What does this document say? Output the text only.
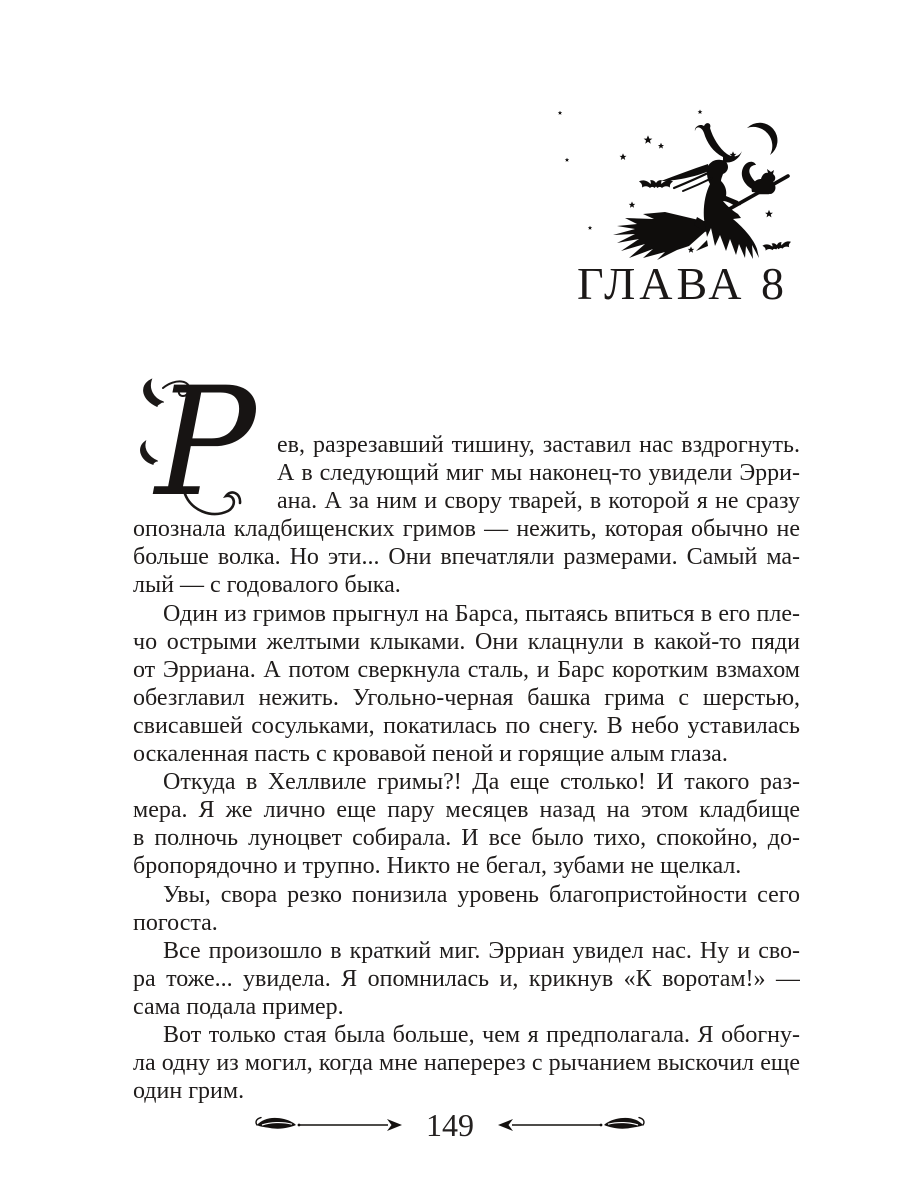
ГЛАВА 8
Р ев, разрезавший тишину, заставил нас вздрогнуть.
А в следующий миг мы наконец-то увидели Эрри-
ана. А за ним и свору тварей, в которой я не сразу
опознала кладбищенских гримов — нежить, которая обычно не
больше волка. Но эти... Они впечатляли размерами. Самый ма-
лый — с годовалого быка.
Один из гримов прыгнул на Барса, пытаясь впиться в его пле-
чо острыми желтыми клыками. Они клацнули в какой-то пяди
от Эрриана. А потом сверкнула сталь, и Барс коротким взмахом
обезглавил нежить. Угольно-черная башка грима с шерстью,
свисавшей сосульками, покатилась по снегу. В небо уставилась
оскаленная пасть с кровавой пеной и горящие алым глаза.
Откуда в Хеллвиле гримы?! Да еще столько! И такого раз-
мера. Я же лично еще пару месяцев назад на этом кладбище
в полночь луноцвет собирала. И все было тихо, спокойно, до-
бропорядочно и трупно. Никто не бегал, зубами не щелкал.
Увы, свора резко понизила уровень благопристойности сего
погоста.
Все произошло в краткий миг. Эрриан увидел нас. Ну и сво-
ра тоже... увидела. Я опомнилась и, крикнув «К воротам!» —
сама подала пример.
Вот только стая была больше, чем я предполагала. Я обогну-
ла одну из могил, когда мне наперерез с рычанием выскочил еще
один грим.
149
